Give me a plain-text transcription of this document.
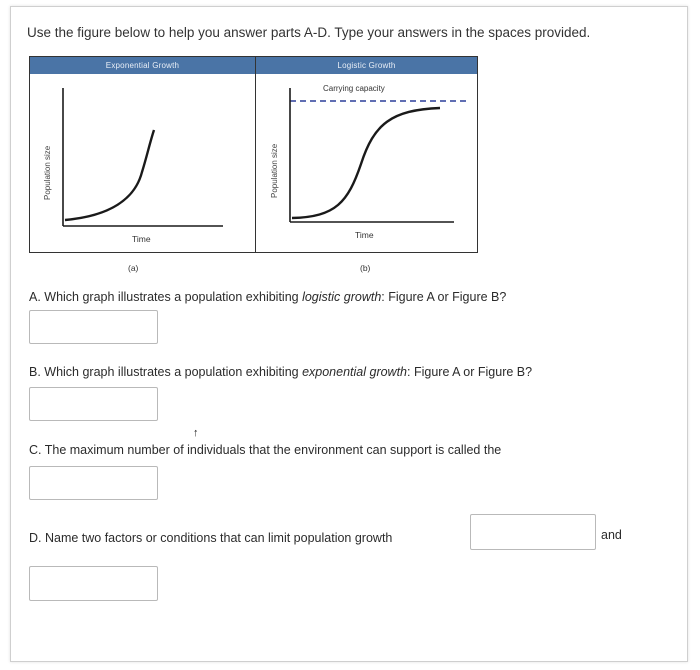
Use the figure below to help you answer parts A-D. Type your answers in the spaces provided.
Exponential Growth
Population size
Time
Logistic Growth
Carrying capacity
Population size
Time
(a)	(b)
A. Which graph illustrates a population exhibiting logistic growth: Figure A or Figure B?
B. Which graph illustrates a population exhibiting exponential growth: Figure A or Figure B?
↑
C. The maximum number of individuals that the environment can support is called the
D. Name two factors or conditions that can limit population growth	and
